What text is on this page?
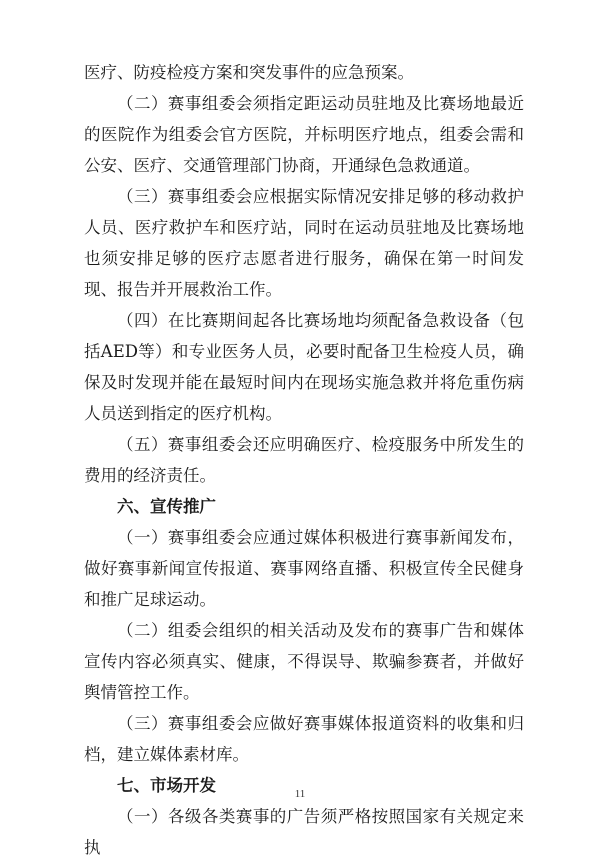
医疗、防疫检疫方案和突发事件的应急预案。

（二）赛事组委会须指定距运动员驻地及比赛场地最近的医院作为组委会官方医院，并标明医疗地点，组委会需和公安、医疗、交通管理部门协商，开通绿色急救通道。

（三）赛事组委会应根据实际情况安排足够的移动救护人员、医疗救护车和医疗站，同时在运动员驻地及比赛场地也须安排足够的医疗志愿者进行服务，确保在第一时间发现、报告并开展救治工作。

（四）在比赛期间起各比赛场地均须配备急救设备（包括AED等）和专业医务人员，必要时配备卫生检疫人员，确保及时发现并能在最短时间内在现场实施急救并将危重伤病人员送到指定的医疗机构。

（五）赛事组委会还应明确医疗、检疫服务中所发生的费用的经济责任。

六、宣传推广

（一）赛事组委会应通过媒体积极进行赛事新闻发布，做好赛事新闻宣传报道、赛事网络直播、积极宣传全民健身和推广足球运动。

（二）组委会组织的相关活动及发布的赛事广告和媒体宣传内容必须真实、健康，不得误导、欺骗参赛者，并做好舆情管控工作。

（三）赛事组委会应做好赛事媒体报道资料的收集和归档，建立媒体素材库。

七、市场开发

（一）各级各类赛事的广告须严格按照国家有关规定来执

11
